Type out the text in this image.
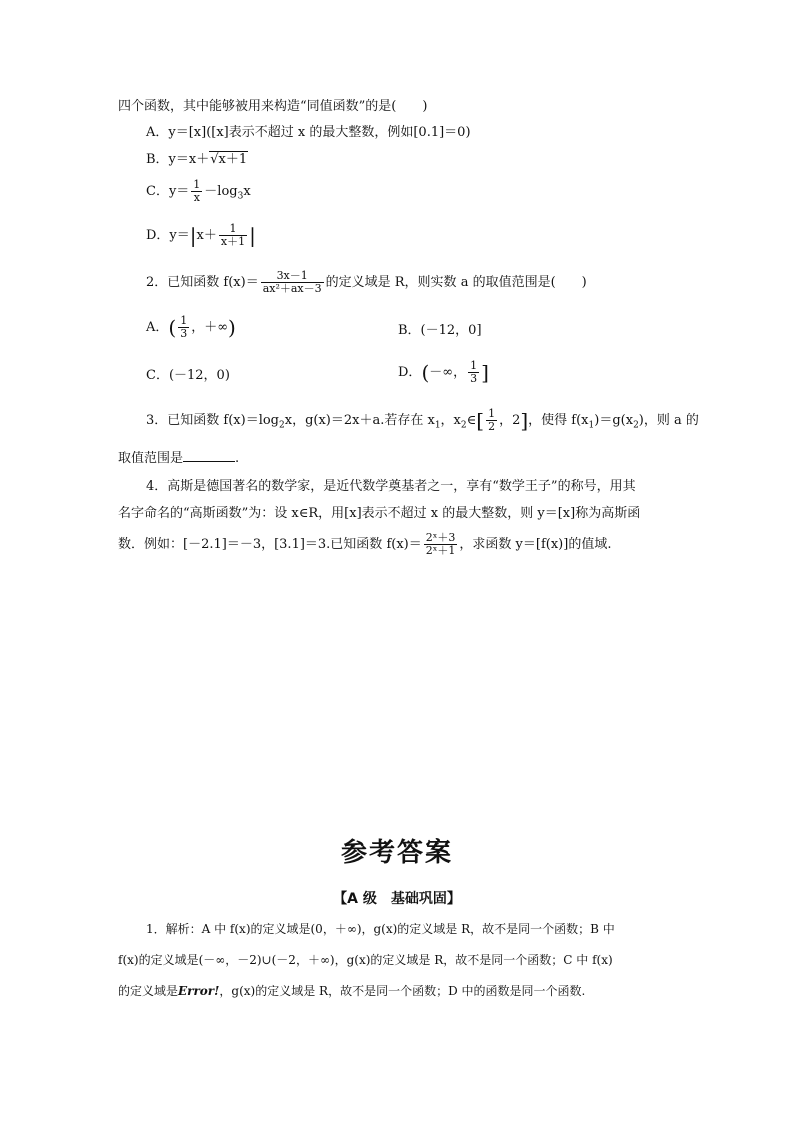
四个函数，其中能够被用来构造“同值函数”的是(　　)
A．y＝[x]([x]表示不超过 x 的最大整数，例如[0.1]＝0)
B．y＝x＋√x＋1
C．$y= \frac{1}{x} -\log_3x$
D．$y=|x+ \frac{1}{x+1}$ |
2．已知函数 $f(x)= \frac{3x-1}{\text{ax²＋ax－3}}$ 的定义域是 R，则实数 a 的取值范围是(　　)
A．( $\frac{1}{3}$ ，＋∞)	B．(－12，0]
C．(－12，0)	D．(－∞， $\frac{1}{3}$ ]
3．已知函数 $f(x)=\log_2x$，g(x)＝2x＋a.若存在 $x_1$，$x_2\in[ \frac{1}{2}$ ，2]，使得 $f(x_1)=g(x_2)$，则 a 的
取值范围是	.
4．高斯是德国著名的数学家，是近代数学奠基者之一，享有“数学王子”的称号，用其
名字命名的“高斯函数”为：设 x∈R，用[x]表示不超过 x 的最大整数，则 y＝[x]称为高斯函
数．例如：[－2.1]＝－3，[3.1]＝3.已知函数 $f(x)= \frac{\text{2ˣ＋3}}{\text{2ˣ＋1}}$ ，求函数 y＝[f(x)]的值域.
参考答案
【A 级　基础巩固】
1．解析：A 中 f(x)的定义域是(0，＋∞)，g(x)的定义域是 R，故不是同一个函数；B 中
f(x)的定义域是(－∞，－2)∪(－2，＋∞)，g(x)的定义域是 R，故不是同一个函数；C 中 f(x)
的定义域是Error!，g(x)的定义域是 R，故不是同一个函数；D 中的函数是同一个函数.
